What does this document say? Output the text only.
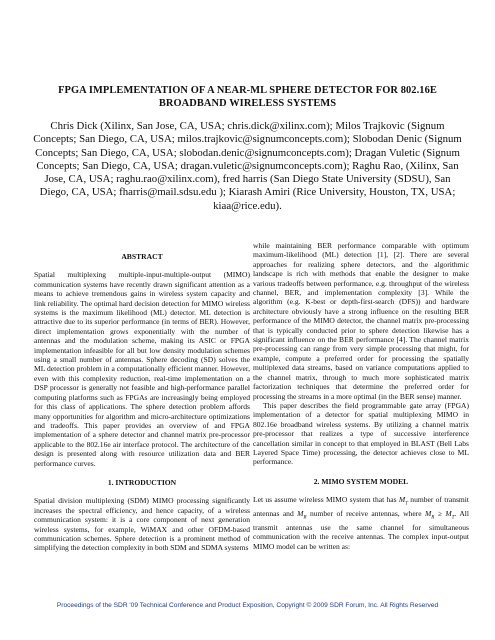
FPGA IMPLEMENTATION OF A NEAR-ML SPHERE DETECTOR FOR 802.16E BROADBAND WIRELESS SYSTEMS
Chris Dick (Xilinx, San Jose, CA, USA; chris.dick@xilinx.com); Milos Trajkovic (Signum Concepts; San Diego, CA, USA; milos.trajkovic@signumconcepts.com); Slobodan Denic (Signum Concepts; San Diego, CA, USA; slobodan.denic@signumconcepts.com); Dragan Vuletic (Signum Concepts; San Diego, CA, USA; dragan.vuletic@signumconcepts.com); Raghu Rao, (Xilinx, San Jose, CA, USA; raghu.rao@xilinx.com), fred harris (San Diego State University (SDSU), San Diego, CA, USA; fharris@mail.sdsu.edu ); Kiarash Amiri (Rice University, Houston, TX, USA; kiaa@rice.edu).

ABSTRACT

Spatial multiplexing multiple-input-multiple-output (MIMO) communication systems have recently drawn significant attention as a means to achieve tremendous gains in wireless system capacity and link reliability. The optimal hard decision detection for MIMO wireless systems is the maximum likelihood (ML) detector. ML detection is attractive due to its superior performance (in terms of BER). However, direct implementation grows exponentially with the number of antennas and the modulation scheme, making its ASIC or FPGA implementation infeasible for all but low density modulation schemes using a small number of antennas. Sphere decoding (SD) solves the ML detection problem in a computationally efficient manner. However, even with this complexity reduction, real-time implementation on a DSP processor is generally not feasible and high-performance parallel computing platforms such as FPGAs are increasingly being employed for this class of applications. The sphere detection problem affords many opportunities for algorithm and micro-architecture optimizations and tradeoffs. This paper provides an overview of and FPGA implementation of a sphere detector and channel matrix pre-processor applicable to the 802.16e air interface protocol. The architecture of the design is presented along with resource utilization data and BER performance curves.

1. INTRODUCTION

Spatial division multiplexing (SDM) MIMO processing significantly increases the spectral efficiency, and hence capacity, of a wireless communication system: it is a core component of next generation wireless systems, for example, WiMAX and other OFDM-based communication schemes. Sphere detection is a prominent method of simplifying the detection complexity in both SDM and SDMA systems

while maintaining BER performance comparable with optimum maximum-likelihood (ML) detection [1], [2]. There are several approaches for realizing sphere detectors, and the algorithmic landscape is rich with methods that enable the designer to make various tradeoffs between performance, e.g. throughput of the wireless channel, BER, and implementation complexity [3]. While the algorithm (e.g. K-best or depth-first-search (DFS)) and hardware architecture obviously have a strong influence on the resulting BER performance of the MIMO detector, the channel matrix pre-processing that is typically conducted prior to sphere detection likewise has a significant influence on the BER performance [4]. The channel matrix pre-processing can range from very simple processing that might, for example, compute a preferred order for processing the spatially multiplexed data streams, based on variance computations applied to the channel matrix, through to much more sophisticated matrix factorization techniques that determine the preferred order for processing the streams in a more optimal (in the BER sense) manner.

This paper describes the field programmable gate array (FPGA) implementation of a detector for spatial multiplexing MIMO in 802.16e broadband wireless systems. By utilizing a channel matrix pre-processor that realizes a type of successive interference cancellation similar in concept to that employed in BLAST (Bell Labs Layered Space Time) processing, the detector achieves close to ML performance.

2. MIMO SYSTEM MODEL

Let us assume wireless MIMO system that has $M_T$ number of transmit antennas and $M_R$ number of receive antennas, where $M_R \ge M_T$. All transmit antennas use the same channel for simultaneous communication with the receive antennas. The complex input-output MIMO model can be written as:

Proceedings of the SDR '09 Technical Conference and Product Exposition, Copyright © 2009 SDR Forum, Inc. All Rights Reserved
